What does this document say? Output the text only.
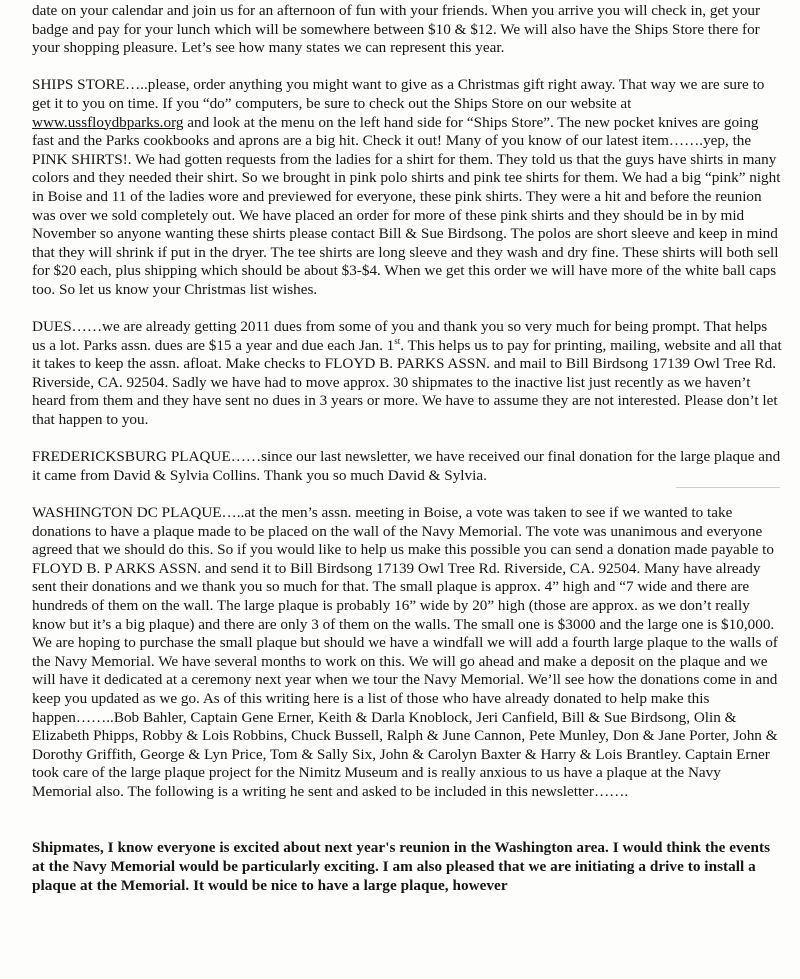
date on your calendar and join us for an afternoon of fun with your friends. When you arrive you will check in, get your badge and pay for your lunch which will be somewhere between $10 & $12. We will also have the Ships Store there for your shopping pleasure. Let’s see how many states we can represent this year.

SHIPS STORE…..please, order anything you might want to give as a Christmas gift right away. That way we are sure to get it to you on time. If you “do” computers, be sure to check out the Ships Store on our website at www.ussfloydbparks.org and look at the menu on the left hand side for “Ships Store”. The new pocket knives are going fast and the Parks cookbooks and aprons are a big hit. Check it out! Many of you know of our latest item…….yep, the PINK SHIRTS!. We had gotten requests from the ladies for a shirt for them. They told us that the guys have shirts in many colors and they needed their shirt. So we brought in pink polo shirts and pink tee shirts for them. We had a big “pink” night in Boise and 11 of the ladies wore and previewed for everyone, these pink shirts. They were a hit and before the reunion was over we sold completely out. We have placed an order for more of these pink shirts and they should be in by mid November so anyone wanting these shirts please contact Bill & Sue Birdsong. The polos are short sleeve and keep in mind that they will shrink if put in the dryer. The tee shirts are long sleeve and they wash and dry fine. These shirts will both sell for $20 each, plus shipping which should be about $3-$4. When we get this order we will have more of the white ball caps too. So let us know your Christmas list wishes.

DUES……we are already getting 2011 dues from some of you and thank you so very much for being prompt. That helps us a lot. Parks assn. dues are $15 a year and due each Jan. 1st. This helps us to pay for printing, mailing, website and all that it takes to keep the assn. afloat. Make checks to FLOYD B. PARKS ASSN. and mail to Bill Birdsong 17139 Owl Tree Rd. Riverside, CA. 92504. Sadly we have had to move approx. 30 shipmates to the inactive list just recently as we haven’t heard from them and they have sent no dues in 3 years or more. We have to assume they are not interested. Please don’t let that happen to you.

FREDERICKSBURG PLAQUE……since our last newsletter, we have received our final donation for the large plaque and it came from David & Sylvia Collins. Thank you so much David & Sylvia.

WASHINGTON DC PLAQUE…..at the men’s assn. meeting in Boise, a vote was taken to see if we wanted to take donations to have a plaque made to be placed on the wall of the Navy Memorial. The vote was unanimous and everyone agreed that we should do this. So if you would like to help us make this possible you can send a donation made payable to FLOYD B. P ARKS ASSN. and send it to Bill Birdsong 17139 Owl Tree Rd. Riverside, CA. 92504. Many have already sent their donations and we thank you so much for that. The small plaque is approx. 4” high and “7 wide and there are hundreds of them on the wall. The large plaque is probably 16” wide by 20” high (those are approx. as we don’t really know but it’s a big plaque) and there are only 3 of them on the walls. The small one is $3000 and the large one is $10,000. We are hoping to purchase the small plaque but should we have a windfall we will add a fourth large plaque to the walls of the Navy Memorial. We have several months to work on this. We will go ahead and make a deposit on the plaque and we will have it dedicated at a ceremony next year when we tour the Navy Memorial. We’ll see how the donations come in and keep you updated as we go. As of this writing here is a list of those who have already donated to help make this happen……..Bob Bahler, Captain Gene Erner, Keith & Darla Knoblock, Jeri Canfield, Bill & Sue Birdsong, Olin & Elizabeth Phipps, Robby & Lois Robbins, Chuck Bussell, Ralph & June Cannon, Pete Munley, Don & Jane Porter, John & Dorothy Griffith, George & Lyn Price, Tom & Sally Six, John & Carolyn Baxter & Harry & Lois Brantley. Captain Erner took care of the large plaque project for the Nimitz Museum and is really anxious to us have a plaque at the Navy Memorial also. The following is a writing he sent and asked to be included in this newsletter…….

Shipmates, I know everyone is excited about next year's reunion in the Washington area. I would think the events at the Navy Memorial would be particularly exciting. I am also pleased that we are initiating a drive to install a plaque at the Memorial. It would be nice to have a large plaque, however
